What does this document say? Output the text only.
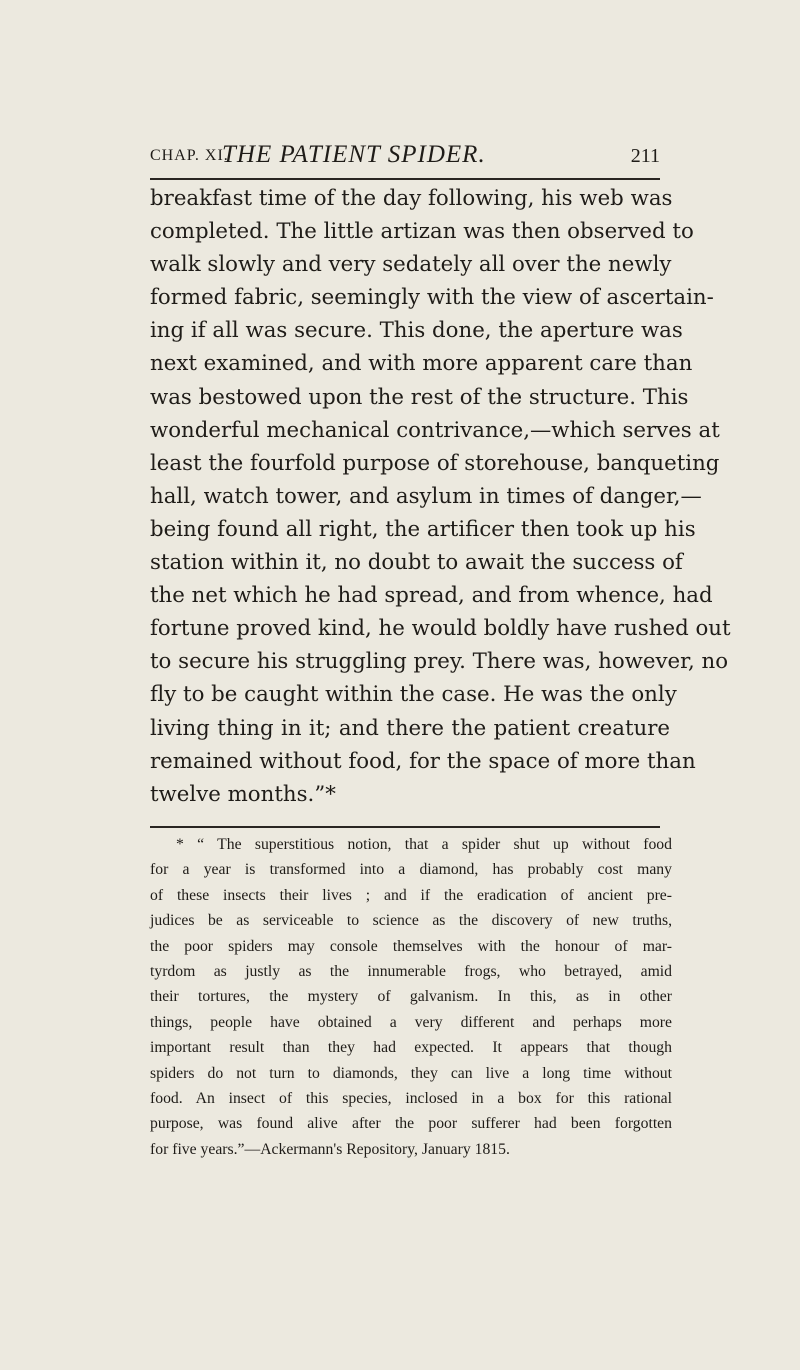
CHAP. XI.
THE PATIENT SPIDER.	211
breakfast time of the day following, his web was
completed. The little artizan was then observed to
walk slowly and very sedately all over the newly
formed fabric, seemingly with the view of ascertain-
ing if all was secure. This done, the aperture was
next examined, and with more apparent care than
was bestowed upon the rest of the structure. This
wonderful mechanical contrivance,—which serves at
least the fourfold purpose of storehouse, banqueting
hall, watch tower, and asylum in times of danger,—
being found all right, the artificer then took up his
station within it, no doubt to await the success of
the net which he had spread, and from whence, had
fortune proved kind, he would boldly have rushed out
to secure his struggling prey. There was, however, no
fly to be caught within the case. He was the only
living thing in it; and there the patient creature
remained without food, for the space of more than
twelve months.”*
* “ The superstitious notion, that a spider shut up without food
for a year is transformed into a diamond, has probably cost many
of these insects their lives ; and if the eradication of ancient pre-
judices be as serviceable to science as the discovery of new truths,
the poor spiders may console themselves with the honour of mar-
tyrdom as justly as the innumerable frogs, who betrayed, amid
their tortures, the mystery of galvanism. In this, as in other
things, people have obtained a very different and perhaps more
important result than they had expected. It appears that though
spiders do not turn to diamonds, they can live a long time without
food. An insect of this species, inclosed in a box for this rational
purpose, was found alive after the poor sufferer had been forgotten
for five years.”—Ackermann's Repository, January 1815.
